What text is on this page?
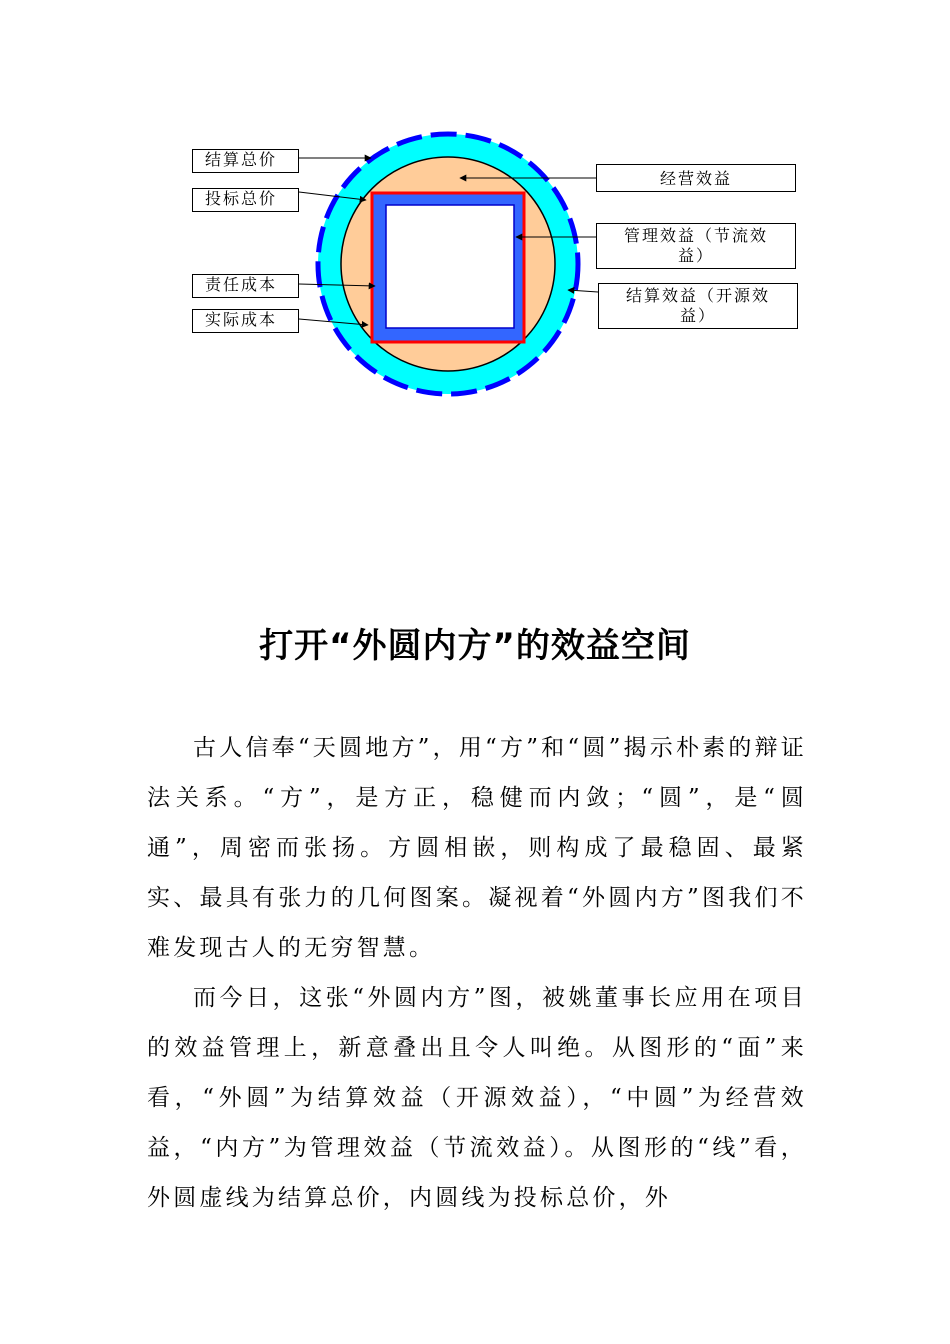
结算总价
投标总价
责任成本
实际成本
经营效益
管理效益（节流效
益）
结算效益（开源效
益）
打开“外圆内方”的效益空间

古人信奉“天圆地方”，用“方”和“圆”揭示朴素的辩证法关系。“方”，是方正，稳健而内敛；“圆”，是“圆通”，周密而张扬。方圆相嵌，则构成了最稳固、最紧实、最具有张力的几何图案。凝视着“外圆内方”图我们不难发现古人的无穷智慧。

而今日，这张“外圆内方”图，被姚董事长应用在项目的效益管理上，新意叠出且令人叫绝。从图形的“面”来看，“外圆”为结算效益（开源效益），“中圆”为经营效益，“内方”为管理效益（节流效益）。从图形的“线”看，外圆虚线为结算总价，内圆线为投标总价，外
